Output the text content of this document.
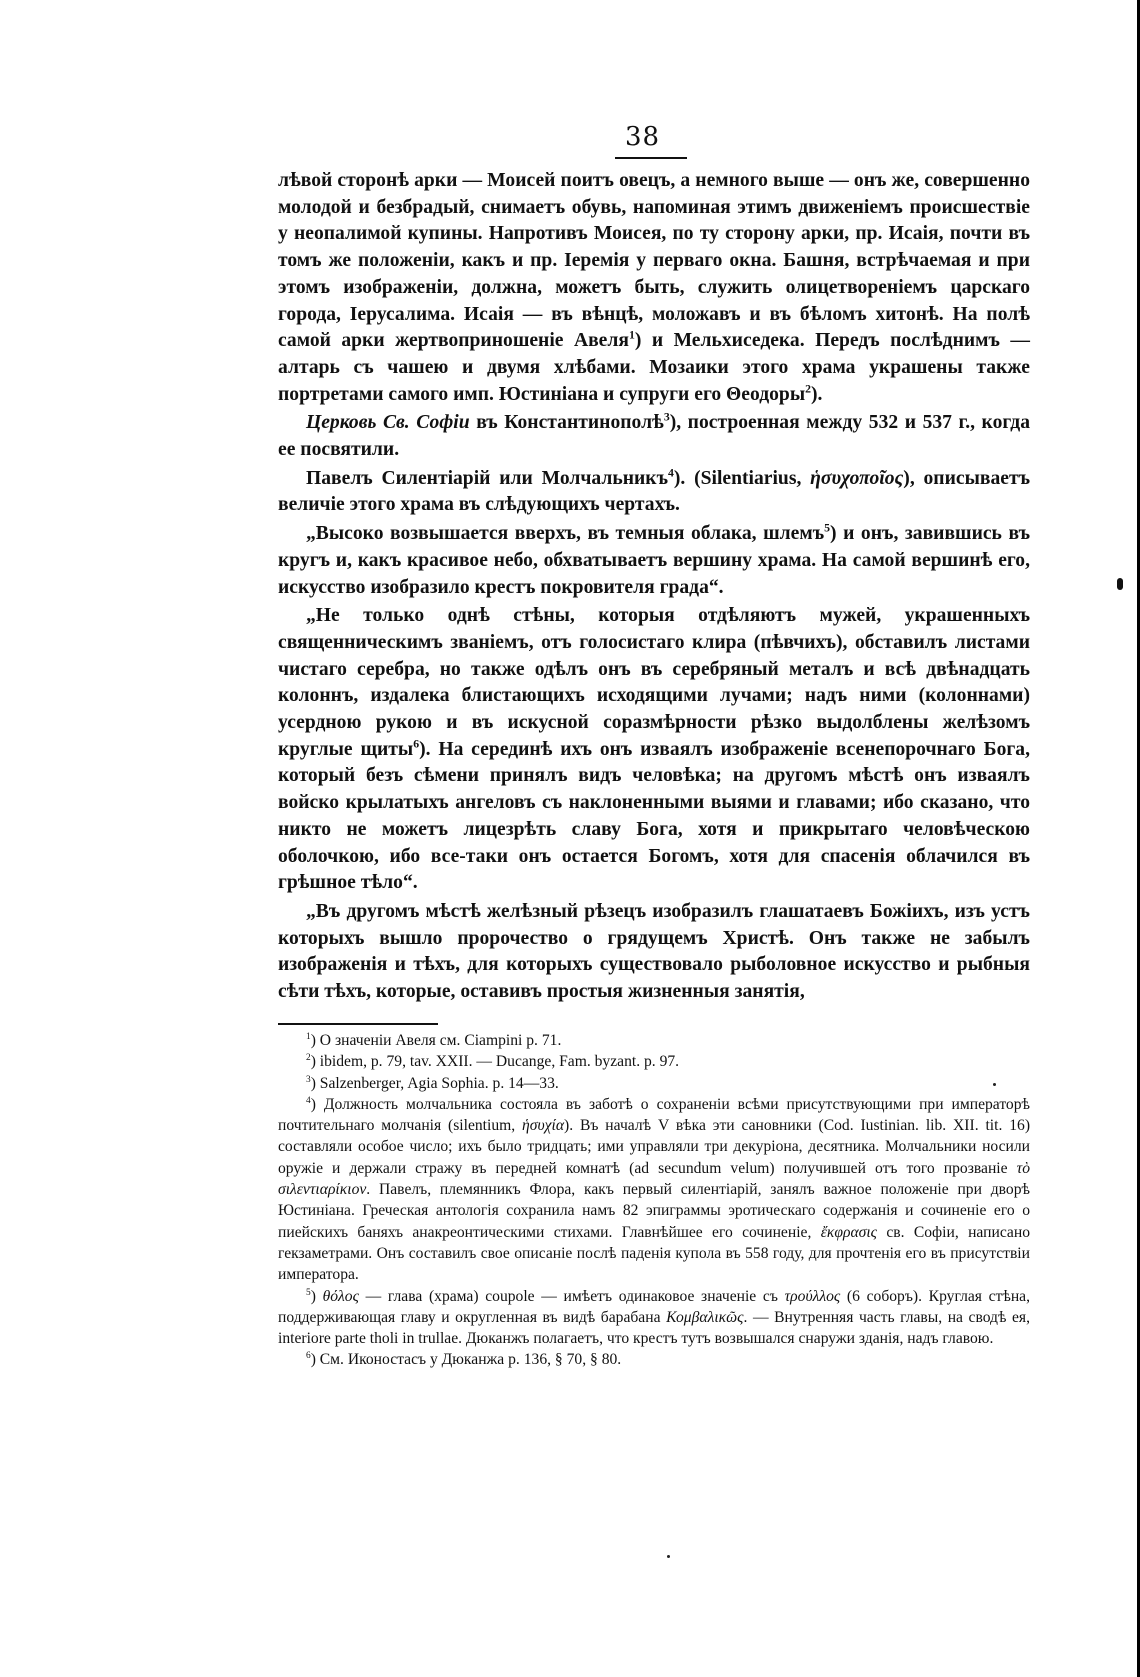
38

лѣвой сторонѣ арки — Моисей поитъ овецъ, а немного выше — онъ же, совершенно молодой и безбрадый, снимаетъ обувь, напоминая этимъ движеніемъ происшествіе у неопалимой купины. Напротивъ Моисея, по ту сторону арки, пр. Исаія, почти въ томъ же положеніи, какъ и пр. Іеремія у перваго окна. Башня, встрѣчаемая и при этомъ изображеніи, должна, можетъ быть, служить олицетвореніемъ царскаго города, Іерусалима. Исаія — въ вѣнцѣ, моложавъ и въ бѣломъ хитонѣ. На полѣ самой арки жертвоприношеніе Авеля$^1$) и Мельхиседека. Передъ послѣднимъ — алтарь съ чашею и двумя хлѣбами. Мозаики этого храма украшены также портретами самого имп. Юстиніана и супруги его Θеодоры$^2$).

Церковь Св. Софіи въ Константинополѣ$^3$), построенная между 532 и 537 г., когда ее посвятили.

Павелъ Силентіарій или Молчальникъ$^4$). (Silentiarius, ἡσυχοποῖος), описываетъ величіе этого храма въ слѣдующихъ чертахъ.

„Высоко возвышается вверхъ, въ темныя облака, шлемъ$^5$) и онъ, завившись въ кругъ и, какъ красивое небо, обхватываетъ вершину храма. На самой вершинѣ его, искусство изобразило крестъ покровителя града“.

„Не только однѣ стѣны, которыя отдѣляютъ мужей, украшенныхъ священническимъ званіемъ, отъ голосистаго клира (пѣвчихъ), обставилъ листами чистаго серебра, но также одѣлъ онъ въ серебряный металъ и всѣ двѣнадцать колоннъ, издалека блистающихъ исходящими лучами; надъ ними (колоннами) усердною рукою и въ искусной соразмѣрности рѣзко выдолблены желѣзомъ круглые щиты$^6$). На серединѣ ихъ онъ изваялъ изображеніе всенепорочнаго Бога, который безъ сѣмени принялъ видъ человѣка; на другомъ мѣстѣ онъ изваялъ войско крылатыхъ ангеловъ съ наклоненными выями и главами; ибо сказано, что никто не можетъ лицезрѣть славу Бога, хотя и прикрытаго человѣческою оболочкою, ибо все-таки онъ остается Богомъ, хотя для спасенія облачился въ грѣшное тѣло“.

„Въ другомъ мѣстѣ желѣзный рѣзецъ изобразилъ глашатаевъ Божіихъ, изъ устъ которыхъ вышло пророчество о грядущемъ Христѣ. Онъ также не забылъ изображенія и тѣхъ, для которыхъ существовало рыболовное искусство и рыбныя сѣти тѣхъ, которые, оставивъ простыя жизненныя занятія,

$^1$) О значеніи Авеля см. Ciampini p. 71.

$^2$) ibidem, p. 79, tav. XXII. — Ducange, Fam. byzant. p. 97.

$^3$) Salzenberger, Agia Sophia. p. 14—33.

$^4$) Должность молчальника состояла въ заботѣ о сохраненіи всѣми присутствующими при императорѣ почтительнаго молчанія (silentium, ἡσυχία). Въ началѣ V вѣка эти сановники (Cod. Iustinian. lib. XII. tit. 16) составляли особое число; ихъ было тридцать; ими управляли три декуріона, десятника. Молчальники носили оружіе и держали стражу въ передней комнатѣ (ad secundum velum) получившей отъ того прозваніе τὸ σιλεντιαρίκιον. Павелъ, племянникъ Флора, какъ первый силентіарій, занялъ важное положеніе при дворѣ Юстиніана. Греческая антологія сохранила намъ 82 эпиграммы эротическаго содержанія и сочиненіе его о пиейскихъ баняхъ анакреонтическими стихами. Главнѣйшее его сочиненіе, ἔκφρασις св. Софіи, написано гекзаметрами. Онъ составилъ свое описаніе послѣ паденія купола въ 558 году, для прочтенія его въ присутствіи императора.

$^5$) θόλος — глава (храма) coupole — имѣетъ одинаковое значеніе съ τρούλλος (6 соборъ). Круглая стѣна, поддерживающая главу и округленная въ видѣ барабана Κομβαλικῶς. — Внутренняя часть главы, на сводѣ ея, interiore parte tholi in trullae. Дюканжъ полагаетъ, что крестъ тутъ возвышался снаружи зданія, надъ главою.

$^6$) См. Иконостасъ у Дюканжа p. 136, § 70, § 80.
